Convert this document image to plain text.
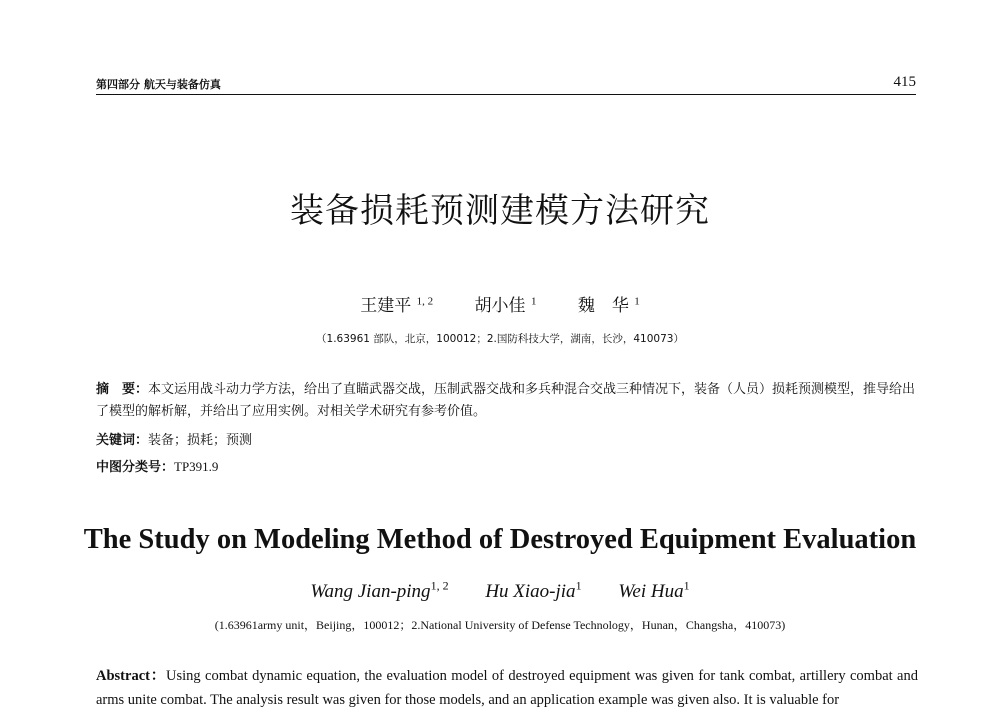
第四部分 航天与装备仿真	415
装备损耗预测建模方法研究
王建平 $^{1, 2}$ 胡小佳 $^1$ 魏　华 $^1$
（1.63961 部队，北京，100012；2.国防科技大学，湖南，长沙，410073）
摘　要：本文运用战斗动力学方法，给出了直瞄武器交战，压制武器交战和多兵种混合交战三种情况下，装备（人员）损耗预测模型，推导给出了模型的解析解，并给出了应用实例。对相关学术研究有参考价值。
关键词：装备；损耗；预测
中图分类号：TP391.9
The Study on Modeling Method of Destroyed Equipment Evaluation
Wang Jian-ping$^{1, 2}$ Hu Xiao-jia$^1$ Wei Hua$^1$
(1.63961army unit，Beijing，100012；2.National University of Defense Technology，Hunan，Changsha，410073)
Abstract：Using combat dynamic equation, the evaluation model of destroyed equipment was given for tank combat, artillery combat and arms unite combat. The analysis result was given for those models, and an application example was given also. It is valuable for
